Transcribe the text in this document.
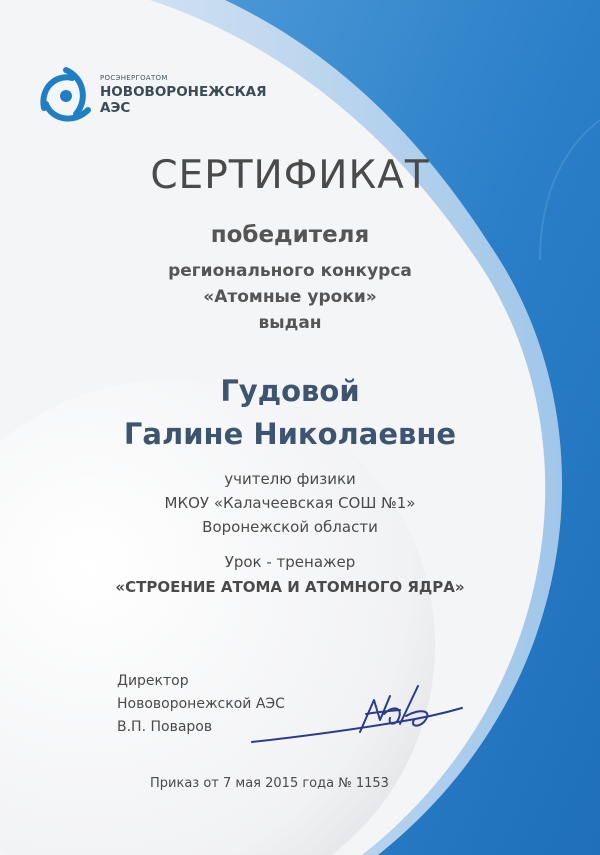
РОСЭНЕРГОАТОМ
НОВОВОРОНЕЖСКАЯ
АЭС
СЕРТИФИКАТ
победителя
регионального конкурса
«Атомные уроки»
выдан
Гудовой
Галине Николаевне
учителю физики
МКОУ «Калачеевская СОШ №1»
Воронежской области
Урок - тренажер
«СТРОЕНИЕ АТОМА И АТОМНОГО ЯДРА»
Директор
Нововоронежской АЭС
В.П. Поваров
Приказ от 7 мая 2015 года № 1153
